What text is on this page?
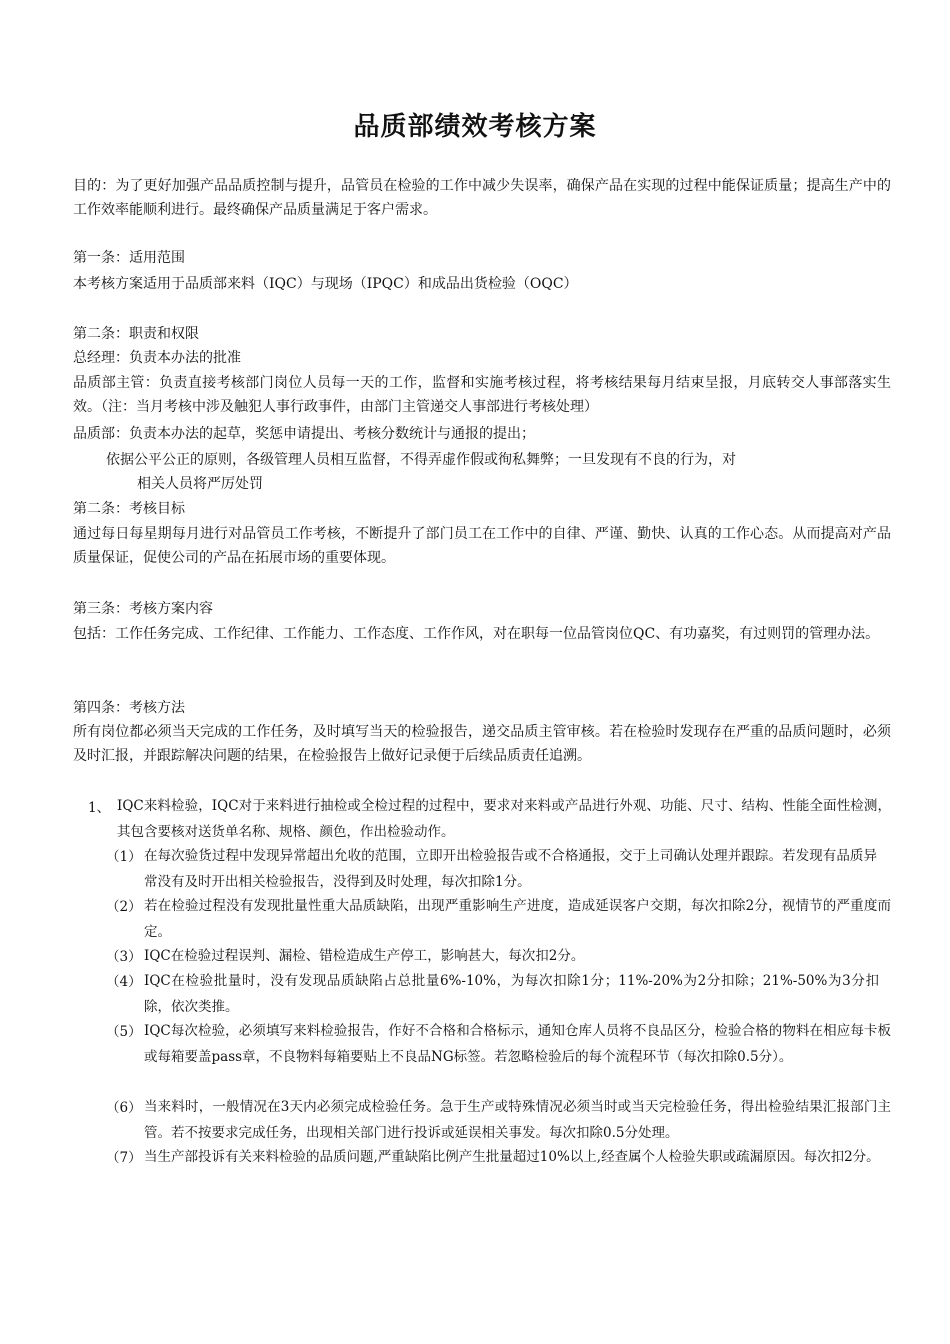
品质部绩效考核方案
目的：为了更好加强产品品质控制与提升，品管员在检验的工作中减少失误率，确保产品在实现的过程中能保证质量；提高生产中的工作效率能顺利进行。最终确保产品质量满足于客户需求。
第一条：适用范围
本考核方案适用于品质部来料（IQC）与现场（IPQC）和成品出货检验（OQC）
第二条：职责和权限
总经理：负责本办法的批准
品质部主管：负责直接考核部门岗位人员每一天的工作，监督和实施考核过程，将考核结果每月结束呈报，月底转交人事部落实生效。（注：当月考核中涉及触犯人事行政事件，由部门主管递交人事部进行考核处理）
品质部：负责本办法的起草，奖惩申请提出、考核分数统计与通报的提出；
依据公平公正的原则，各级管理人员相互监督，不得弄虚作假或徇私舞弊；一旦发现有不良的行为，对
相关人员将严厉处罚
第二条：考核目标
通过每日每星期每月进行对品管员工作考核，不断提升了部门员工在工作中的自律、严谨、勤快、认真的工作心态。从而提高对产品质量保证，促使公司的产品在拓展市场的重要体现。
第三条：考核方案内容
包括：工作任务完成、工作纪律、工作能力、工作态度、工作作风，对在职每一位品管岗位QC、有功嘉奖，有过则罚的管理办法。
第四条：考核方法
所有岗位都必须当天完成的工作任务，及时填写当天的检验报告，递交品质主管审核。若在检验时发现存在严重的品质问题时，必须及时汇报，并跟踪解决问题的结果，在检验报告上做好记录便于后续品质责任追溯。
1、 IQC来料检验，IQC对于来料进行抽检或全检过程的过程中，要求对来料或产品进行外观、功能、尺寸、结构、性能全面性检测，其包含要核对送货单名称、规格、颜色，作出检验动作。
（1） 在每次验货过程中发现异常超出允收的范围，立即开出检验报告或不合格通报，交于上司确认处理并跟踪。若发现有品质异常没有及时开出相关检验报告，没得到及时处理，每次扣除1分。
（2） 若在检验过程没有发现批量性重大品质缺陷，出现严重影响生产进度，造成延误客户交期，每次扣除2分，视情节的严重度而定。
（3） IQC在检验过程误判、漏检、错检造成生产停工，影响甚大，每次扣2分。
（4） IQC在检验批量时，没有发现品质缺陷占总批量6%-10%，为每次扣除1分；11%-20%为2分扣除；21%-50%为3分扣除，依次类推。
（5） IQC每次检验，必须填写来料检验报告，作好不合格和合格标示，通知仓库人员将不良品区分，检验合格的物料在相应每卡板或每箱要盖pass章，不良物料每箱要贴上不良品NG标签。若忽略检验后的每个流程环节（每次扣除0.5分）。
（6） 当来料时，一般情况在3天内必须完成检验任务。急于生产或特殊情况必须当时或当天完检验任务，得出检验结果汇报部门主管。若不按要求完成任务，出现相关部门进行投诉或延误相关事发。每次扣除0.5分处理。
（7） 当生产部投诉有关来料检验的品质问题,严重缺陷比例产生批量超过10%以上,经查属个人检验失职或疏漏原因。每次扣2分。
